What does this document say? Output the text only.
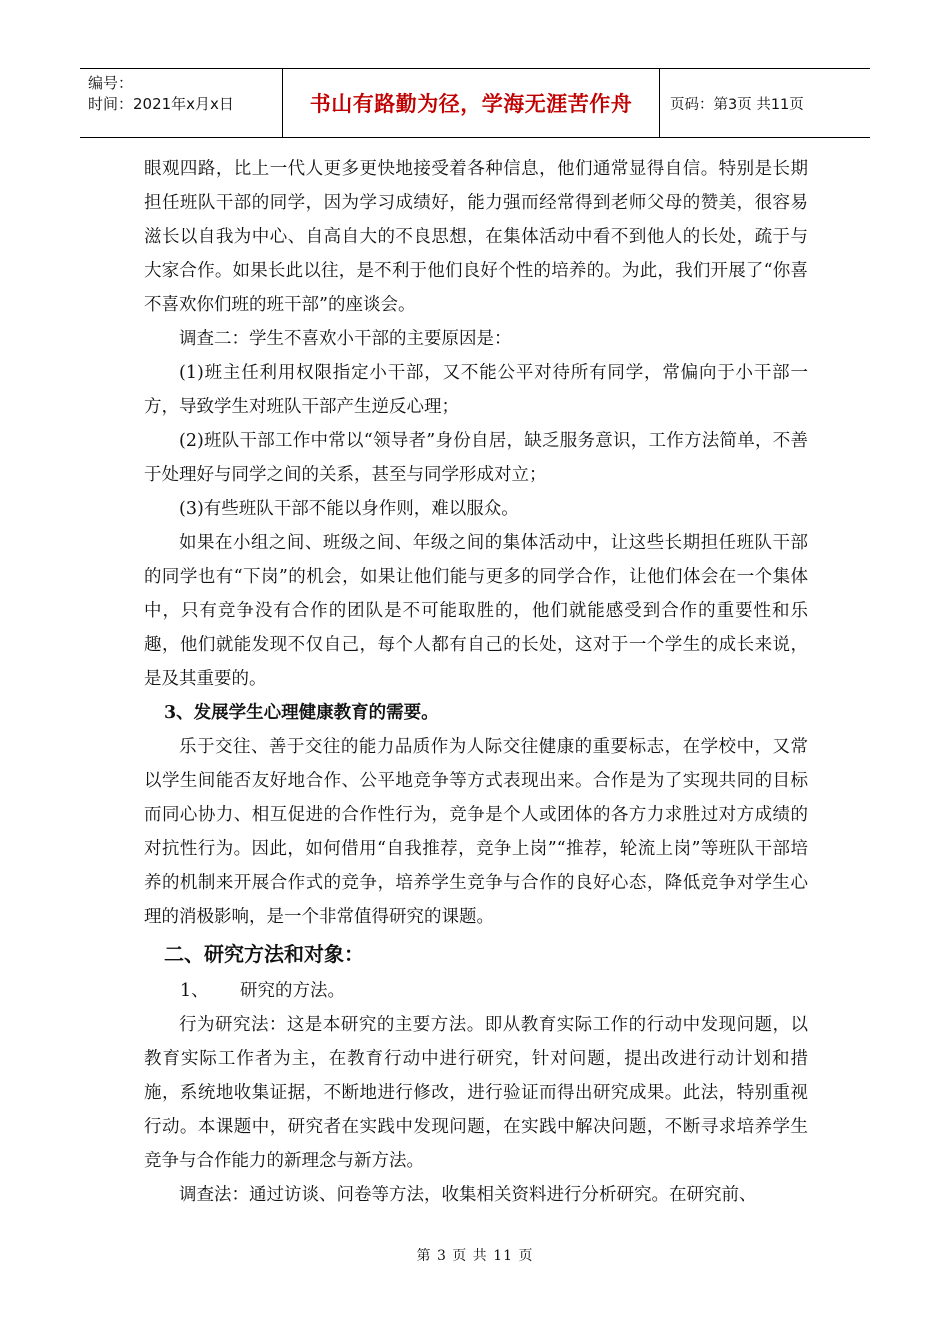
编号：
时间：2021年x月x日	书山有路勤为径，学海无涯苦作舟	页码：第3页 共11页

眼观四路，比上一代人更多更快地接受着各种信息，他们通常显得自信。特别是长期担任班队干部的同学，因为学习成绩好，能力强而经常得到老师父母的赞美，很容易滋长以自我为中心、自高自大的不良思想，在集体活动中看不到他人的长处，疏于与大家合作。如果长此以往，是不利于他们良好个性的培养的。为此，我们开展了“你喜不喜欢你们班的班干部”的座谈会。

调查二：学生不喜欢小干部的主要原因是：

(1)班主任利用权限指定小干部，又不能公平对待所有同学，常偏向于小干部一方，导致学生对班队干部产生逆反心理；

(2)班队干部工作中常以“领导者”身份自居，缺乏服务意识，工作方法简单，不善于处理好与同学之间的关系，甚至与同学形成对立；

(3)有些班队干部不能以身作则，难以服众。

如果在小组之间、班级之间、年级之间的集体活动中，让这些长期担任班队干部的同学也有“下岗”的机会，如果让他们能与更多的同学合作，让他们体会在一个集体中，只有竞争没有合作的团队是不可能取胜的，他们就能感受到合作的重要性和乐趣，他们就能发现不仅自己，每个人都有自己的长处，这对于一个学生的成长来说，是及其重要的。

3、发展学生心理健康教育的需要。

乐于交往、善于交往的能力品质作为人际交往健康的重要标志，在学校中，又常以学生间能否友好地合作、公平地竞争等方式表现出来。合作是为了实现共同的目标而同心协力、相互促进的合作性行为，竞争是个人或团体的各方力求胜过对方成绩的对抗性行为。因此，如何借用“自我推荐，竞争上岗”“推荐，轮流上岗”等班队干部培养的机制来开展合作式的竞争，培养学生竞争与合作的良好心态，降低竞争对学生心理的消极影响，是一个非常值得研究的课题。

二、研究方法和对象：

1、 研究的方法。

行为研究法：这是本研究的主要方法。即从教育实际工作的行动中发现问题，以教育实际工作者为主，在教育行动中进行研究，针对问题，提出改进行动计划和措施，系统地收集证据，不断地进行修改，进行验证而得出研究成果。此法，特别重视行动。本课题中，研究者在实践中发现问题，在实践中解决问题，不断寻求培养学生竞争与合作能力的新理念与新方法。

调查法：通过访谈、问卷等方法，收集相关资料进行分析研究。在研究前、

第 3 页 共 11 页
